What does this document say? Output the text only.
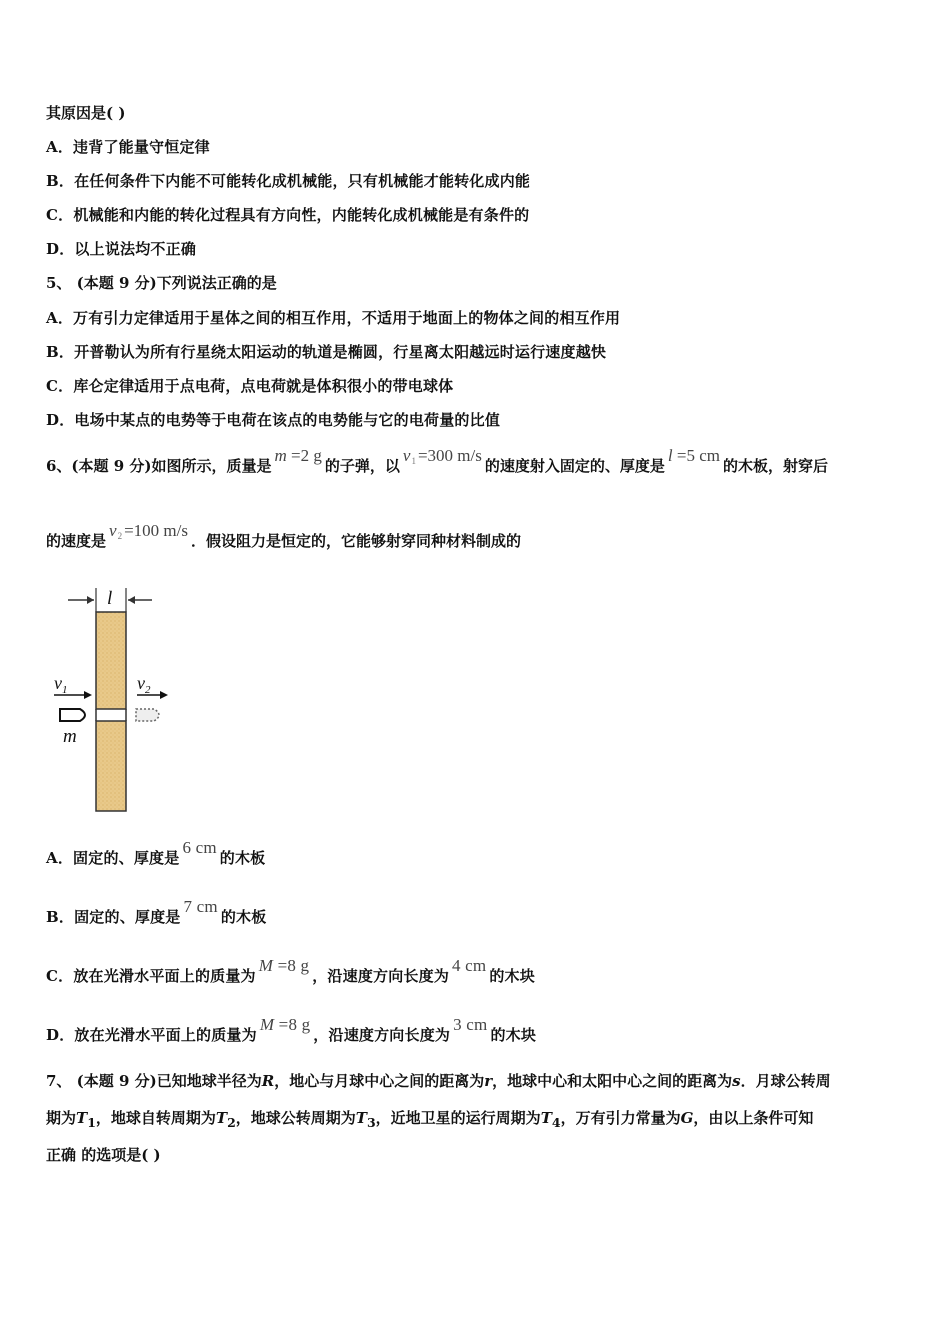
其原因是( )
A．违背了能量守恒定律
B．在任何条件下内能不可能转化成机械能，只有机械能才能转化成内能
C．机械能和内能的转化过程具有方向性，内能转化成机械能是有条件的
D．以上说法均不正确
5、 (本题 9 分)下列说法正确的是
A．万有引力定律适用于星体之间的相互作用，不适用于地面上的物体之间的相互作用
B．开普勒认为所有行星绕太阳运动的轨道是椭圆，行星离太阳越远时运行速度越快
C．库仑定律适用于点电荷，点电荷就是体积很小的带电球体
D．电场中某点的电势等于电荷在该点的电势能与它的电荷量的比值
6、(本题 9 分)如图所示，质量是m =2 g的子弹，以$v_1 =300$ m/s的速度射入固定的、厚度是l =5 cm的木板，射穿后
的速度是$v_2 =100$ m/s．假设阻力是恒定的，它能够射穿同种材料制成的
l
$v_1$
m
$v_2$
A．固定的、厚度是6 cm的木板
B．固定的、厚度是7 cm的木板
C．放在光滑水平面上的质量为M =8 g，沿速度方向长度为4 cm的木块
D．放在光滑水平面上的质量为M =8 g，沿速度方向长度为3 cm的木块
7、 (本题 9 分)已知地球半径为R，地心与月球中心之间的距离为r，地球中心和太阳中心之间的距离为s．月球公转周
期为$T_1$，地球自转周期为$T_2$，地球公转周期为$T_3$，近地卫星的运行周期为$T_4$，万有引力常量为G，由以上条件可知
正确 的选项是( )
